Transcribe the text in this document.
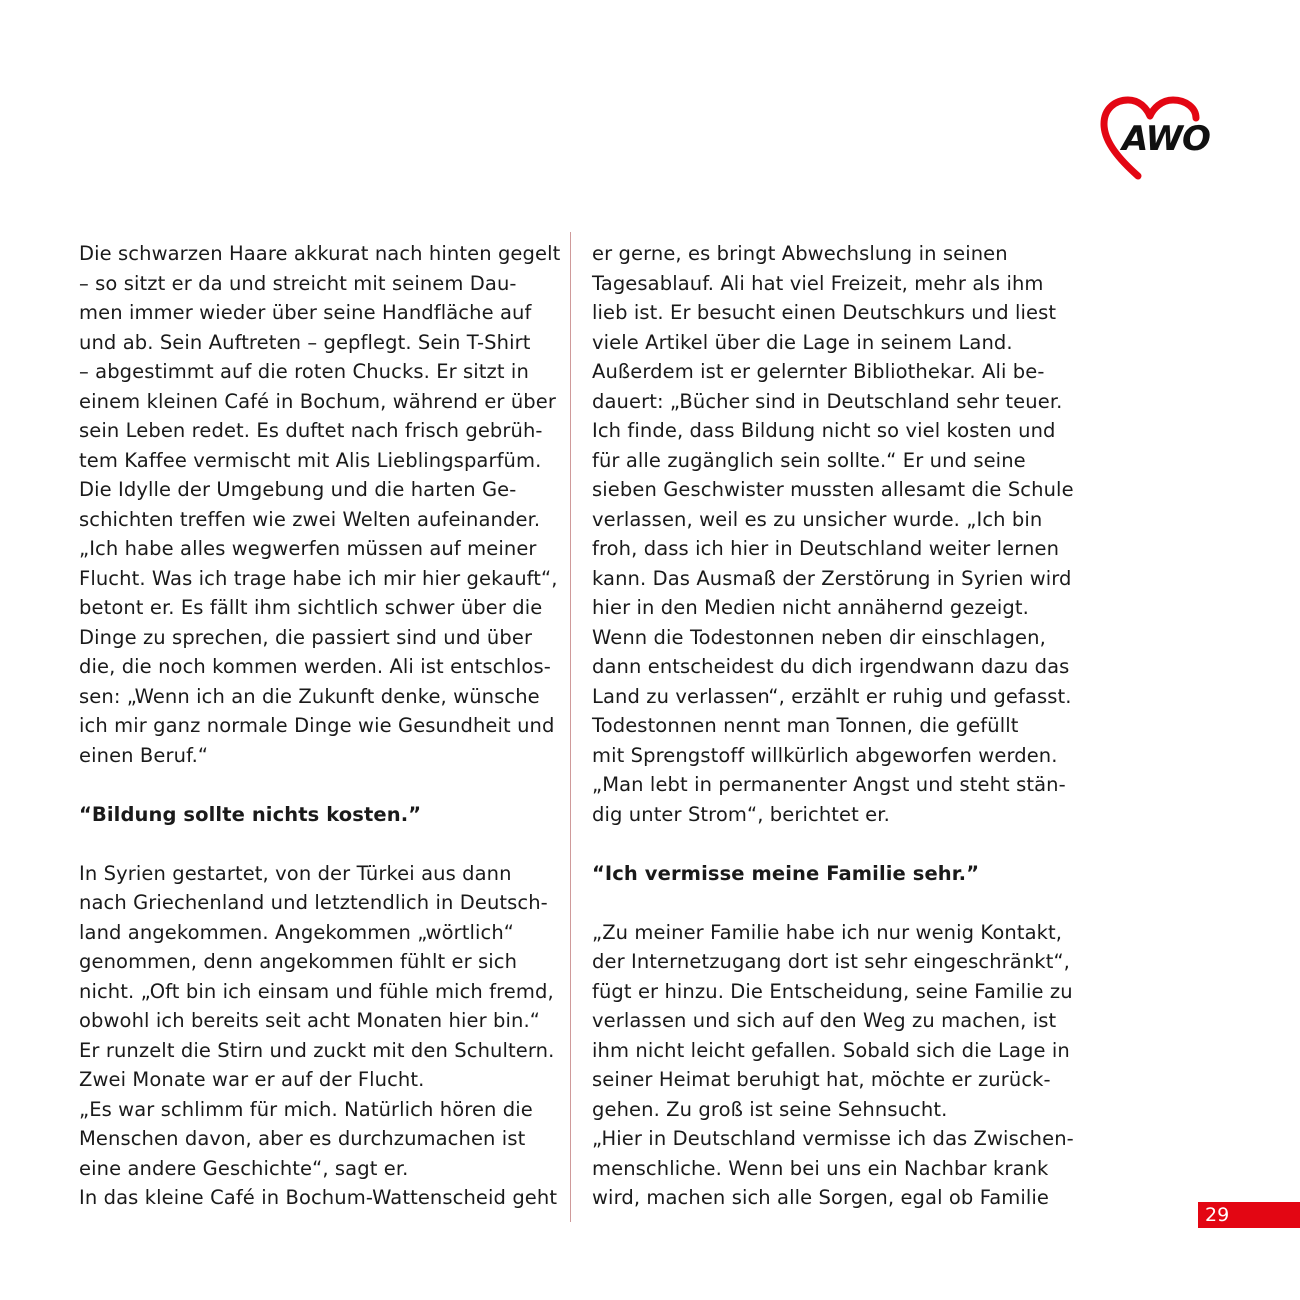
AWO
Die schwarzen Haare akkurat nach hinten gegelt
– so sitzt er da und streicht mit seinem Dau-
men immer wieder über seine Handfläche auf
und ab. Sein Auftreten – gepflegt. Sein T-Shirt
– abgestimmt auf die roten Chucks. Er sitzt in
einem kleinen Café in Bochum, während er über
sein Leben redet. Es duftet nach frisch gebrüh-
tem Kaffee vermischt mit Alis Lieblingsparfüm.
Die Idylle der Umgebung und die harten Ge-
schichten treffen wie zwei Welten aufeinander.
„Ich habe alles wegwerfen müssen auf meiner
Flucht. Was ich trage habe ich mir hier gekauft“,
betont er. Es fällt ihm sichtlich schwer über die
Dinge zu sprechen, die passiert sind und über
die, die noch kommen werden. Ali ist entschlos-
sen: „Wenn ich an die Zukunft denke, wünsche
ich mir ganz normale Dinge wie Gesundheit und
einen Beruf.“
“Bildung sollte nichts kosten.”
In Syrien gestartet, von der Türkei aus dann
nach Griechenland und letztendlich in Deutsch-
land angekommen. Angekommen „wörtlich“
genommen, denn angekommen fühlt er sich
nicht. „Oft bin ich einsam und fühle mich fremd,
obwohl ich bereits seit acht Monaten hier bin.“
Er runzelt die Stirn und zuckt mit den Schultern.
Zwei Monate war er auf der Flucht.
„Es war schlimm für mich. Natürlich hören die
Menschen davon, aber es durchzumachen ist
eine andere Geschichte“, sagt er.
In das kleine Café in Bochum-Wattenscheid geht
er gerne, es bringt Abwechslung in seinen
Tagesablauf. Ali hat viel Freizeit, mehr als ihm
lieb ist. Er besucht einen Deutschkurs und liest
viele Artikel über die Lage in seinem Land.
Außerdem ist er gelernter Bibliothekar. Ali be-
dauert: „Bücher sind in Deutschland sehr teuer.
Ich finde, dass Bildung nicht so viel kosten und
für alle zugänglich sein sollte.“ Er und seine
sieben Geschwister mussten allesamt die Schule
verlassen, weil es zu unsicher wurde. „Ich bin
froh, dass ich hier in Deutschland weiter lernen
kann. Das Ausmaß der Zerstörung in Syrien wird
hier in den Medien nicht annähernd gezeigt.
Wenn die Todestonnen neben dir einschlagen,
dann entscheidest du dich irgendwann dazu das
Land zu verlassen“, erzählt er ruhig und gefasst.
Todestonnen nennt man Tonnen, die gefüllt
mit Sprengstoff willkürlich abgeworfen werden.
„Man lebt in permanenter Angst und steht stän-
dig unter Strom“, berichtet er.
“Ich vermisse meine Familie sehr.”
„Zu meiner Familie habe ich nur wenig Kontakt,
der Internetzugang dort ist sehr eingeschränkt“,
fügt er hinzu. Die Entscheidung, seine Familie zu
verlassen und sich auf den Weg zu machen, ist
ihm nicht leicht gefallen. Sobald sich die Lage in
seiner Heimat beruhigt hat, möchte er zurück-
gehen. Zu groß ist seine Sehnsucht.
„Hier in Deutschland vermisse ich das Zwischen-
menschliche. Wenn bei uns ein Nachbar krank
wird, machen sich alle Sorgen, egal ob Familie
29
